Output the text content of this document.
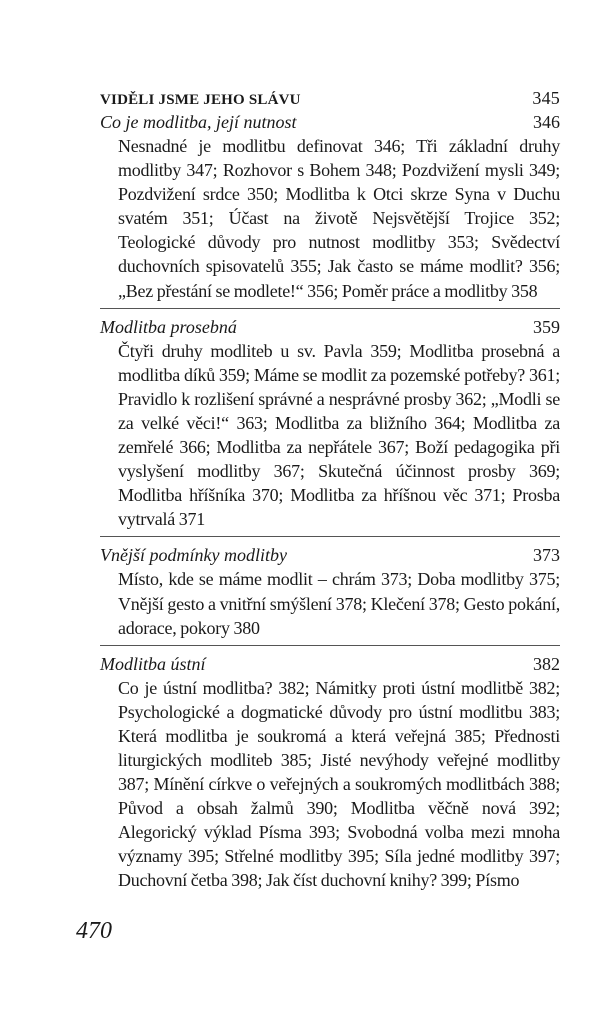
VIDĚLI JSME JEHO SLÁVU	345
Co je modlitba, její nutnost	346
Nesnadné je modlitbu definovat 346; Tři základní druhy modlitby 347; Rozhovor s Bohem 348; Pozdvižení mysli 349; Pozdvižení srdce 350; Modlitba k Otci skrze Syna v Duchu svatém 351; Účast na životě Nejsvětější Trojice 352; Teologické důvody pro nutnost modlitby 353; Svědectví duchovních spisovatelů 355; Jak často se máme modlit? 356; „Bez přestání se modlete!“ 356; Poměr práce a modlitby 358
Modlitba prosebná	359
Čtyři druhy modliteb u sv. Pavla 359; Modlitba prosebná a modlitba díků 359; Máme se modlit za pozemské potřeby? 361; Pravidlo k rozlišení správné a nesprávné prosby 362; „Modli se za velké věci!“ 363; Modlitba za bližního 364; Modlitba za zemřelé 366; Modlitba za nepřátele 367; Boží pedagogika při vyslyšení modlitby 367; Skutečná účinnost prosby 369; Modlitba hříšníka 370; Modlitba za hříšnou věc 371; Prosba vytrvalá 371
Vnější podmínky modlitby	373
Místo, kde se máme modlit – chrám 373; Doba modlitby 375; Vnější gesto a vnitřní smýšlení 378; Klečení 378; Gesto pokání, adorace, pokory 380
Modlitba ústní	382
Co je ústní modlitba? 382; Námitky proti ústní modlitbě 382; Psychologické a dogmatické důvody pro ústní modlitbu 383; Která modlitba je soukromá a která veřejná 385; Přednosti liturgických modliteb 385; Jisté nevýhody veřejné modlitby 387; Mínění církve o veřejných a soukromých modlitbách 388; Původ a obsah žalmů 390; Modlitba věčně nová 392; Alegorický výklad Písma 393; Svobodná volba mezi mnoha významy 395; Střelné modlitby 395; Síla jedné modlitby 397; Duchovní četba 398; Jak číst duchovní knihy? 399; Písmo
470
